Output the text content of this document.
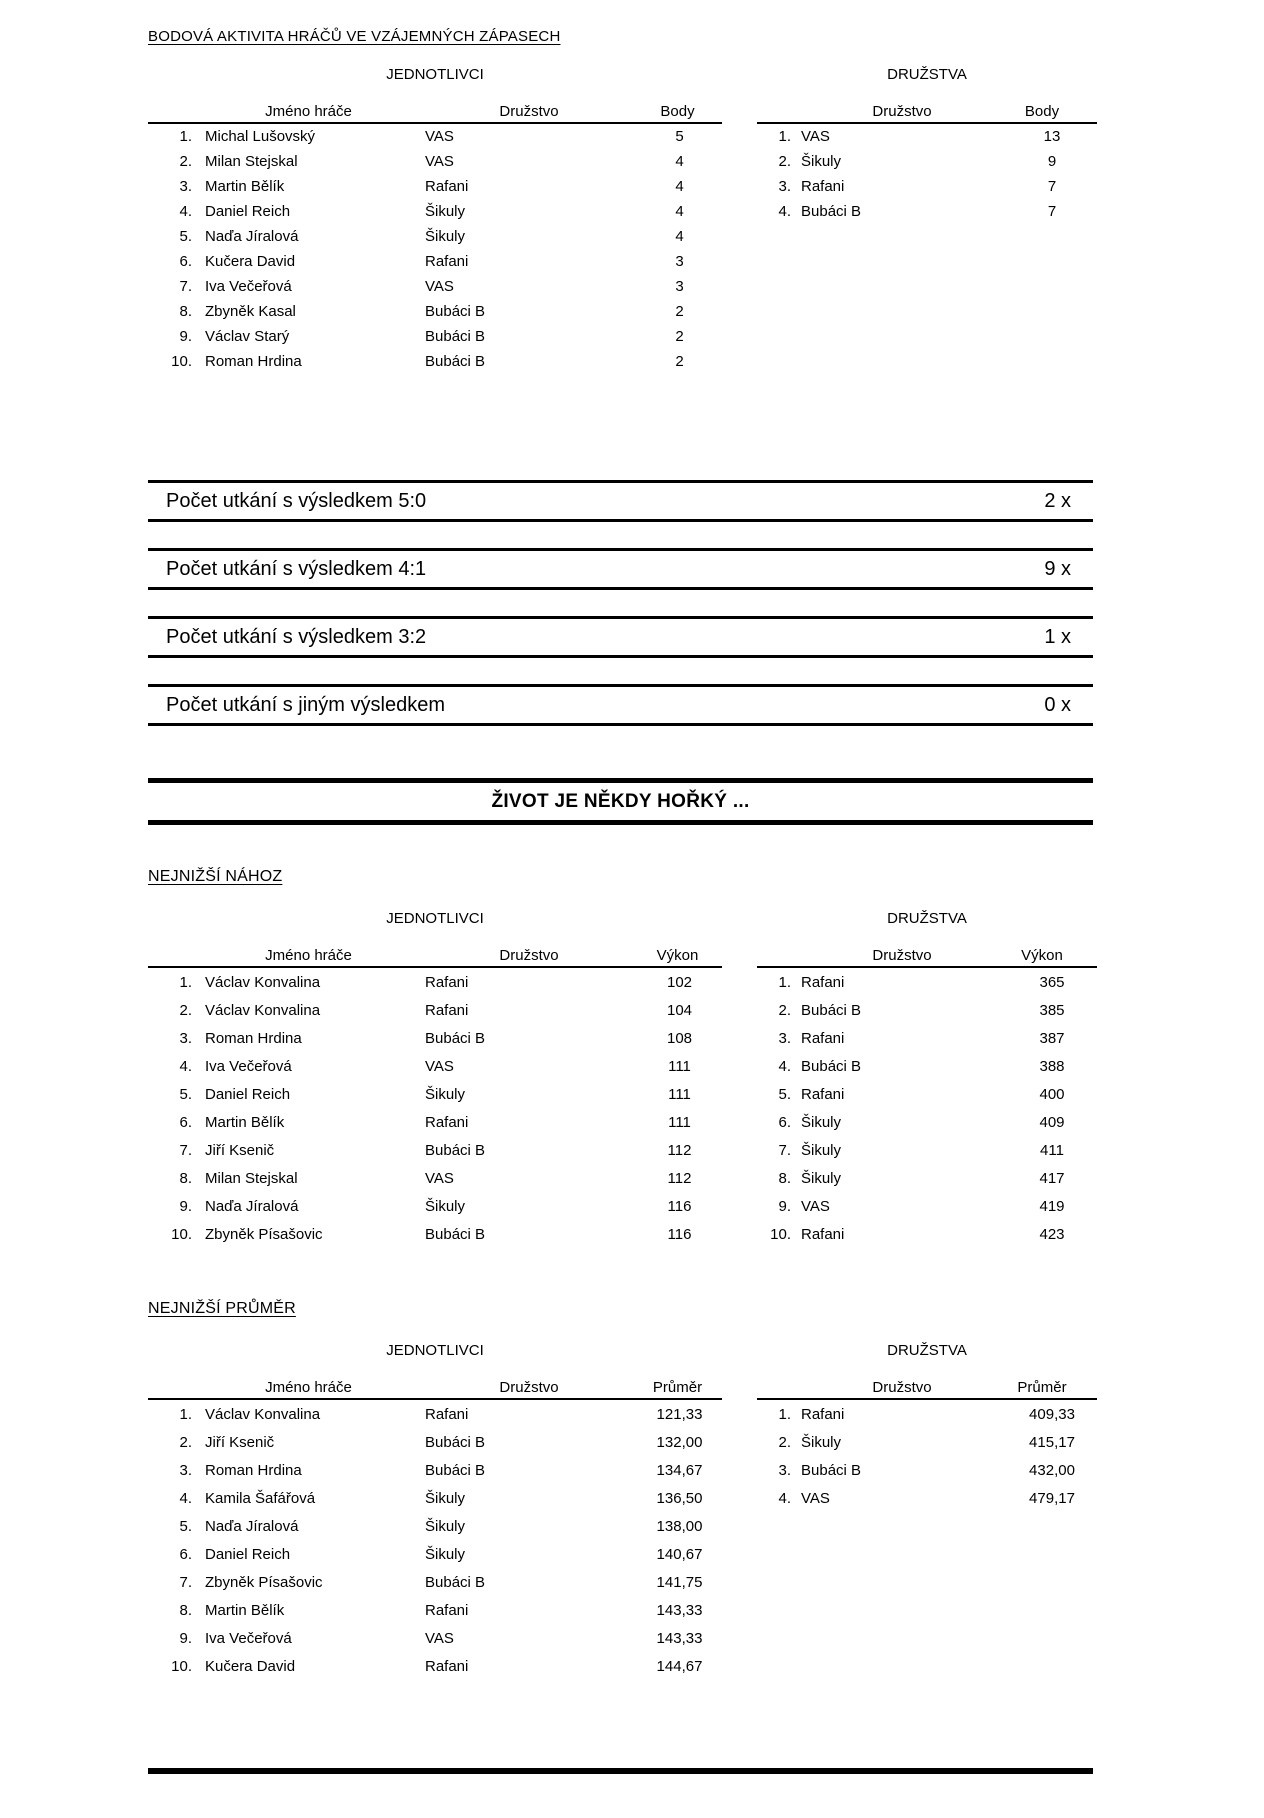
BODOVÁ AKTIVITA HRÁČŮ VE VZÁJEMNÝCH ZÁPASECH
JEDNOTLIVCI
Jméno hráče	Družstvo	Body
1. Michal Lušovský	VAS	5
2. Milan Stejskal	VAS	4
3. Martin Bělík	Rafani	4
4. Daniel Reich	Šikuly	4
5. Naďa Jíralová	Šikuly	4
6. Kučera David	Rafani	3
7. Iva Večeřová	VAS	3
8. Zbyněk Kasal	Bubáci B	2
9. Václav Starý	Bubáci B	2
10. Roman Hrdina	Bubáci B	2
DRUŽSTVA
Družstvo	Body
1. VAS	13
2. Šikuly	9
3. Rafani	7
4. Bubáci B	7
Počet utkání s výsledkem 5:0	2 x
Počet utkání s výsledkem 4:1	9 x
Počet utkání s výsledkem 3:2	1 x
Počet utkání s jiným výsledkem	0 x
ŽIVOT JE NĚKDY HOŘKÝ ...
NEJNIŽŠÍ NÁHOZ
JEDNOTLIVCI
Jméno hráče	Družstvo	Výkon
1. Václav Konvalina	Rafani	102
2. Václav Konvalina	Rafani	104
3. Roman Hrdina	Bubáci B	108
4. Iva Večeřová	VAS	111
5. Daniel Reich	Šikuly	111
6. Martin Bělík	Rafani	111
7. Jiří Ksenič	Bubáci B	112
8. Milan Stejskal	VAS	112
9. Naďa Jíralová	Šikuly	116
10. Zbyněk Písašovic	Bubáci B	116
DRUŽSTVA
Družstvo	Výkon
1. Rafani	365
2. Bubáci B	385
3. Rafani	387
4. Bubáci B	388
5. Rafani	400
6. Šikuly	409
7. Šikuly	411
8. Šikuly	417
9. VAS	419
10. Rafani	423
NEJNIŽŠÍ PRŮMĚR
JEDNOTLIVCI
Jméno hráče	Družstvo	Průměr
1. Václav Konvalina	Rafani	121,33
2. Jiří Ksenič	Bubáci B	132,00
3. Roman Hrdina	Bubáci B	134,67
4. Kamila Šafářová	Šikuly	136,50
5. Naďa Jíralová	Šikuly	138,00
6. Daniel Reich	Šikuly	140,67
7. Zbyněk Písašovic	Bubáci B	141,75
8. Martin Bělík	Rafani	143,33
9. Iva Večeřová	VAS	143,33
10. Kučera David	Rafani	144,67
DRUŽSTVA
Družstvo	Průměr
1. Rafani	409,33
2. Šikuly	415,17
3. Bubáci B	432,00
4. VAS	479,17
